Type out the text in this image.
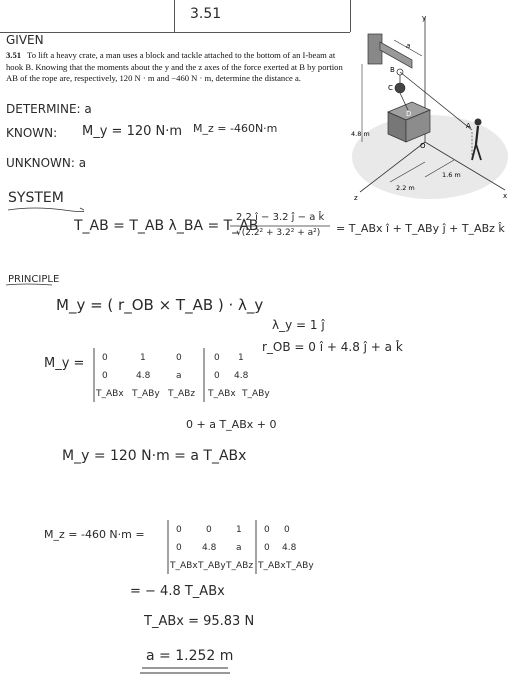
3.51
GIVEN
3.51 To lift a heavy crate, a man uses a block and tackle attached to the bottom of an I-beam at hook B. Knowing that the moments about the y and the z axes of the force exerted at B by portion AB of the rope are, respectively, 120 N · m and −460 N · m, determine the distance a.
DETERMINE: a
KNOWN: M_y = 120 N·m M_z = -460N·m
UNKNOWN: a
y
a
B
C
D
A
O
4.8 m
1.6 m
2.2 m
x
z
SYSTEM
T_AB = T_AB λ_BA = T_AB
2.2 î − 3.2 ĵ − a k̂
√(2.2² + 3.2² + a²) = T_ABx î + T_ABy ĵ + T_ABz k̂
PRINCIPLE
M_y = ( r_OB × T_AB ) · λ_y
λ_y = 1 ĵ
r_OB = 0 î + 4.8 ĵ + a k̂
M_y = 0	1	0
0	4.8	a
T_ABx T_ABy T_ABz
0 1
0 4.8
T_ABx T_ABy
0 + a T_ABx + 0
M_y = 120 N·m = a T_ABx
M_z = -460 N·m =	0	0	1
0 4.8 a
T_ABx T_ABy T_ABz
0 0
0 4.8
T_ABx T_ABy
= − 4.8 T_ABx
T_ABx = 95.83 N
a = 1.252 m
